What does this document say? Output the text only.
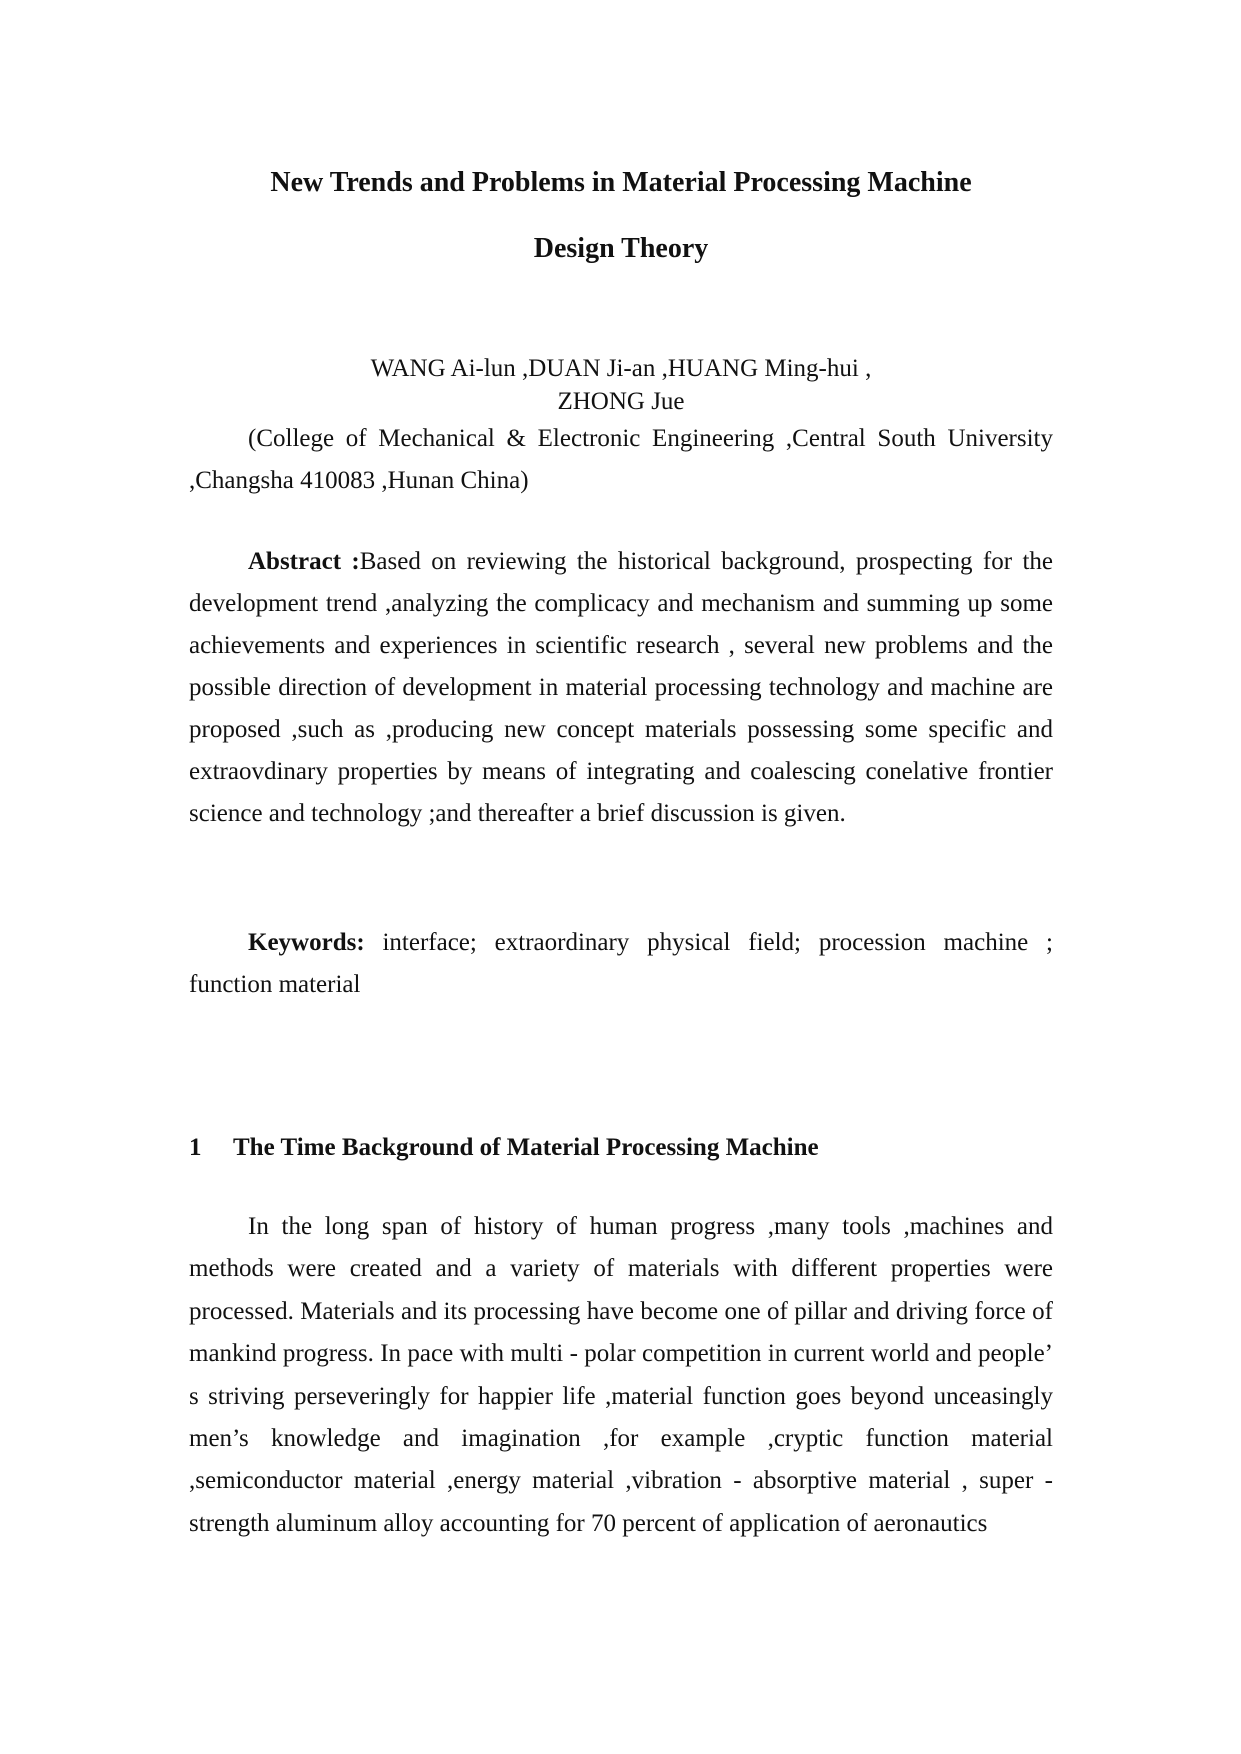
New Trends and Problems in Material Processing Machine
Design Theory

WANG Ai-lun ,DUAN Ji-an ,HUANG Ming-hui ,
ZHONG Jue

(College of Mechanical & Electronic Engineering ,Central South University ,Changsha 410083 ,Hunan China)

Abstract :Based on reviewing the historical background, prospecting for the development trend ,analyzing the complicacy and mechanism and summing up some achievements and experiences in scientific research , several new problems and the possible direction of development in material processing technology and machine are proposed ,such as ,producing new concept materials possessing some specific and extraovdinary properties by means of integrating and coalescing conelative frontier science and technology ;and thereafter a brief discussion is given.

Keywords: interface; extraordinary physical field; procession machine ; function material

1 The Time Background of Material Processing Machine

In the long span of history of human progress ,many tools ,machines and methods were created and a variety of materials with different properties were processed. Materials and its processing have become one of pillar and driving force of mankind progress. In pace with multi - polar competition in current world and people’ s striving perseveringly for happier life ,material function goes beyond unceasingly men’s knowledge and imagination ,for example ,cryptic function material ,semiconductor material ,energy material ,vibration - absorptive material , super - strength aluminum alloy accounting for 70 percent of application of aeronautics
